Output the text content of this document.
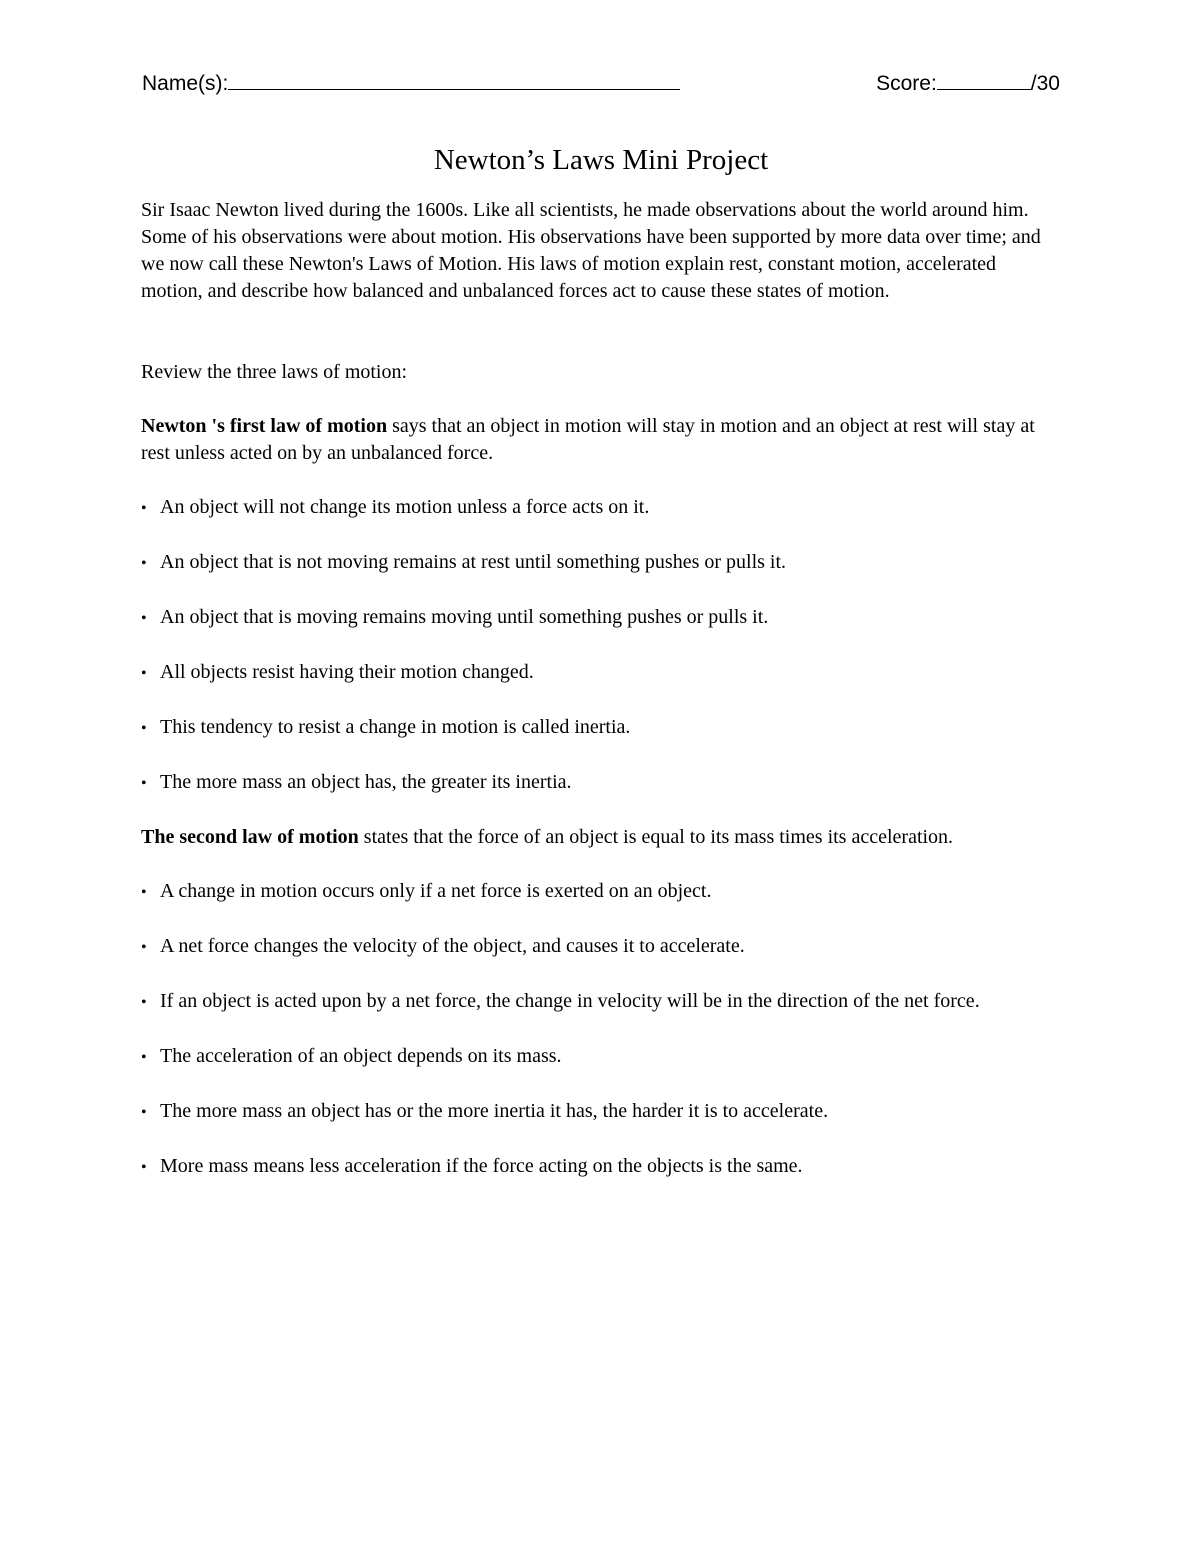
Name(s):	Score:	/30
Newton’s Laws Mini Project

Sir Isaac Newton lived during the 1600s. Like all scientists, he made observations about the world around him. Some of his observations were about motion. His observations have been supported by more data over time; and we now call these Newton's Laws of Motion. His laws of motion explain rest, constant motion, accelerated motion, and describe how balanced and unbalanced forces act to cause these states of motion.

Review the three laws of motion:

Newton 's first law of motion says that an object in motion will stay in motion and an object at rest will stay at rest unless acted on by an unbalanced force.

• An object will not change its motion unless a force acts on it.
• An object that is not moving remains at rest until something pushes or pulls it.
• An object that is moving remains moving until something pushes or pulls it.
• All objects resist having their motion changed.
• This tendency to resist a change in motion is called inertia.
• The more mass an object has, the greater its inertia.

The second law of motion states that the force of an object is equal to its mass times its acceleration.

• A change in motion occurs only if a net force is exerted on an object.
• A net force changes the velocity of the object, and causes it to accelerate.
• If an object is acted upon by a net force, the change in velocity will be in the direction of the net force.
• The acceleration of an object depends on its mass.
• The more mass an object has or the more inertia it has, the harder it is to accelerate.
• More mass means less acceleration if the force acting on the objects is the same.
